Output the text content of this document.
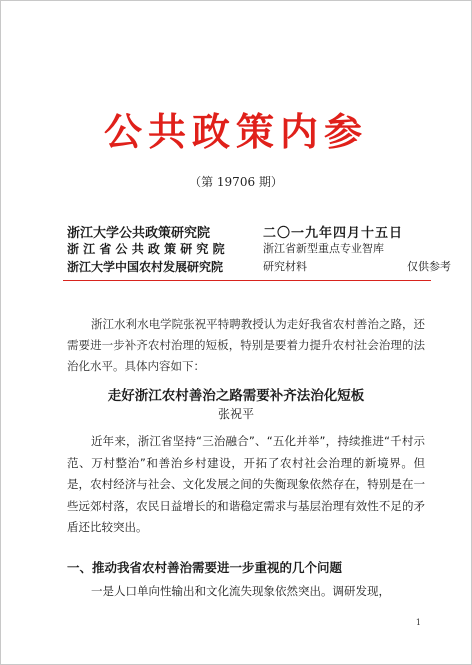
公共政策内参
（第 19706 期）
浙江大学公共政策研究院	二〇一九年四月十五日
浙 江 省 公 共 政 策 研 究 院	浙江省新型重点专业智库
浙江大学中国农村发展研究院	研究材料	仅供参考
浙江水利水电学院张祝平特聘教授认为走好我省农村善治之路，还需要进一步补齐农村治理的短板，特别是要着力提升农村社会治理的法治化水平。具体内容如下：
走好浙江农村善治之路需要补齐法治化短板
张祝平
近年来，浙江省坚持“三治融合”、“五化并举”，持续推进“千村示范、万村整治”和善治乡村建设，开拓了农村社会治理的新境界。但是，农村经济与社会、文化发展之间的失衡现象依然存在，特别是在一些远郊村落，农民日益增长的和谐稳定需求与基层治理有效性不足的矛盾还比较突出。
一、推动我省农村善治需要进一步重视的几个问题
一是人口单向性输出和文化流失现象依然突出。调研发现，
1
